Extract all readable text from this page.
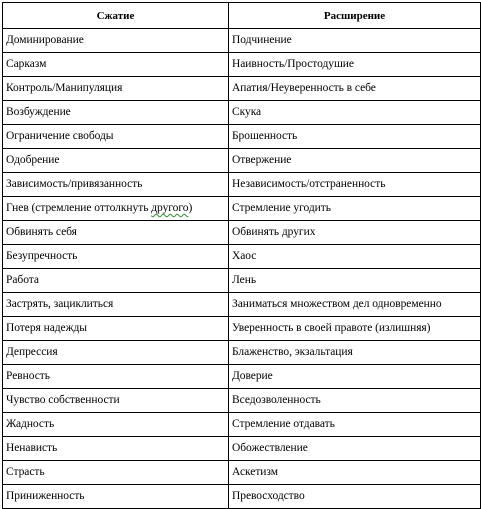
Сжатие	Расширение
Доминирование	Подчинение
Сарказм	Наивность/Простодушие
Контроль/Манипуляция	Апатия/Неуверенность в себе
Возбуждение	Скука
Ограничение свободы	Брошенность
Одобрение	Отвержение
Зависимость/привязанность	Независимость/отстраненность
Гнев (стремление оттолкнуть другого)	Стремление угодить
Обвинять себя	Обвинять других
Безупречность	Хаос
Работа	Лень
Застрять, зациклиться	Заниматься множеством дел одновременно
Потеря надежды	Уверенность в своей правоте (излишняя)
Депрессия	Блаженство, экзальтация
Ревность	Доверие
Чувство собственности	Вседозволенность
Жадность	Стремление отдавать
Ненависть	Обожествление
Страсть	Аскетизм
Приниженность	Превосходство
